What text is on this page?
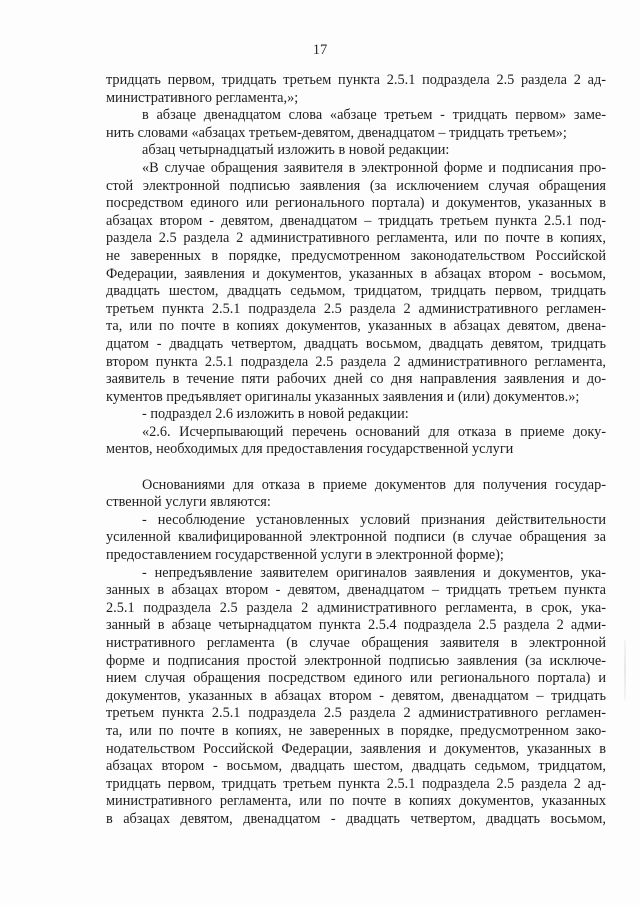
17
тридцать первом, тридцать третьем пункта 2.5.1 подраздела 2.5 раздела 2 ад-
министративного регламента,»;
в абзаце двенадцатом слова «абзаце третьем - тридцать первом» заме-
нить словами «абзацах третьем-девятом, двенадцатом – тридцать третьем»;
абзац четырнадцатый изложить в новой редакции:
«В случае обращения заявителя в электронной форме и подписания про-
стой электронной подписью заявления (за исключением случая обращения
посредством единого или регионального портала) и документов, указанных в
абзацах втором - девятом, двенадцатом – тридцать третьем пункта 2.5.1 под-
раздела 2.5 раздела 2 административного регламента, или по почте в копиях,
не заверенных в порядке, предусмотренном законодательством Российской
Федерации, заявления и документов, указанных в абзацах втором - восьмом,
двадцать шестом, двадцать седьмом, тридцатом, тридцать первом, тридцать
третьем пункта 2.5.1 подраздела 2.5 раздела 2 административного регламен-
та, или по почте в копиях документов, указанных в абзацах девятом, двена-
дцатом - двадцать четвертом, двадцать восьмом, двадцать девятом, тридцать
втором пункта 2.5.1 подраздела 2.5 раздела 2 административного регламента,
заявитель в течение пяти рабочих дней со дня направления заявления и до-
кументов предъявляет оригиналы указанных заявления и (или) документов.»;
- подраздел 2.6 изложить в новой редакции:
«2.6. Исчерпывающий перечень оснований для отказа в приеме доку-
ментов, необходимых для предоставления государственной услуги
Основаниями для отказа в приеме документов для получения государ-
ственной услуги являются:
- несоблюдение установленных условий признания действительности
усиленной квалифицированной электронной подписи (в случае обращения за
предоставлением государственной услуги в электронной форме);
- непредъявление заявителем оригиналов заявления и документов, ука-
занных в абзацах втором - девятом, двенадцатом – тридцать третьем пункта
2.5.1 подраздела 2.5 раздела 2 административного регламента, в срок, ука-
занный в абзаце четырнадцатом пункта 2.5.4 подраздела 2.5 раздела 2 адми-
нистративного регламента (в случае обращения заявителя в электронной
форме и подписания простой электронной подписью заявления (за исключе-
нием случая обращения посредством единого или регионального портала) и
документов, указанных в абзацах втором - девятом, двенадцатом – тридцать
третьем пункта 2.5.1 подраздела 2.5 раздела 2 административного регламен-
та, или по почте в копиях, не заверенных в порядке, предусмотренном зако-
нодательством Российской Федерации, заявления и документов, указанных в
абзацах втором - восьмом, двадцать шестом, двадцать седьмом, тридцатом,
тридцать первом, тридцать третьем пункта 2.5.1 подраздела 2.5 раздела 2 ад-
министративного регламента, или по почте в копиях документов, указанных
в абзацах девятом, двенадцатом - двадцать четвертом, двадцать восьмом,
